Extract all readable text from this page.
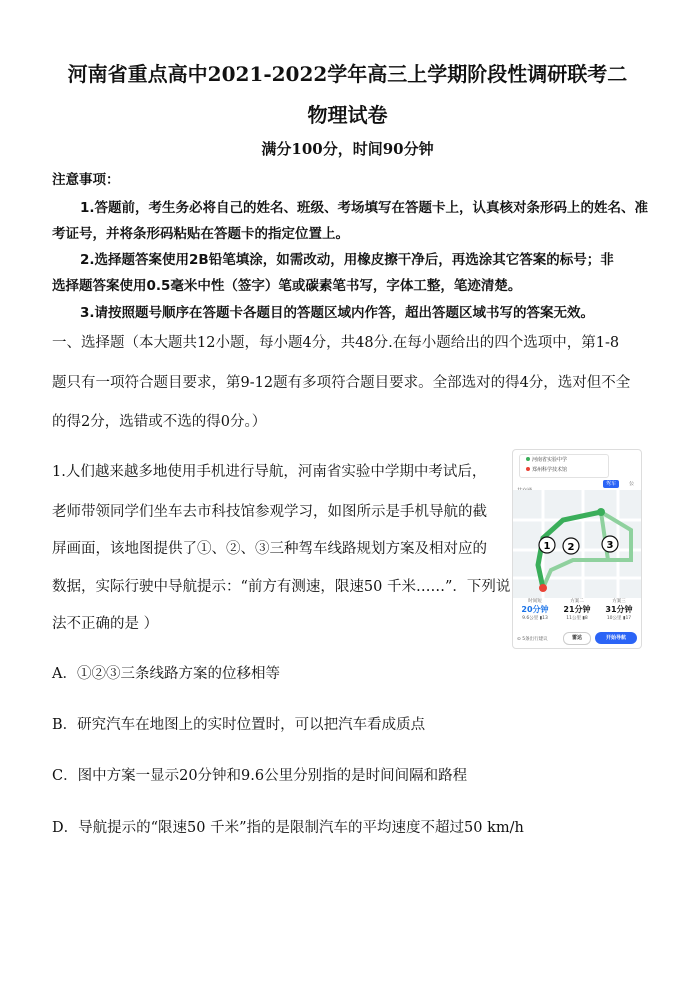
河南省重点高中2021-2022学年高三上学期阶段性调研联考二
物理试卷
满分100分，时间90分钟
注意事项：
1.答题前，考生务必将自己的姓名、班级、考场填写在答题卡上，认真核对条形码上的姓名、准
考证号，并将条形码粘贴在答题卡的指定位置上。
2.选择题答案使用2B铅笔填涂，如需改动，用橡皮擦干净后，再选涂其它答案的标号；非
选择题答案使用0.5毫米中性（签字）笔或碳素笔书写，字体工整，笔迹清楚。
3.请按照题号顺序在答题卡各题目的答题区域内作答，超出答题区域书写的答案无效。
一、选择题（本大题共12小题，每小题4分，共48分.在每小题给出的四个选项中，第1-8
题只有一项符合题目要求，第9-12题有多项符合题目要求。全部选对的得4分，选对但不全
的得2分，选错或不选的得0分。）
1.人们越来越多地使用手机进行导航，河南省实验中学期中考试后，
老师带领同学们坐车去市科技馆参观学习，如图所示是手机导航的截
屏画面，该地图提供了①、②、③三种驾车线路规划方案及相对应的
数据，实际行驶中导航提示：“前方有测速，限速50 千米……”．下列说
法不正确的是 ）
A．①②③三条线路方案的位移相等
B．研究汽车在地图上的实时位置时，可以把汽车看成质点
C．图中方案一显示20分钟和9.6公里分别指的是时间间隔和路程
D．导航提示的“限速50 千米”指的是限制汽车的平均速度不超过50 km/h
河南省实验中学
郑州科学技术馆
驾车	公
1 2	3
时间短
20分钟
9.6公里 ▮13
方案二
21分钟
11公里 ▮8
方案三
31分钟
10公里 ▮17
⊙ 5条出行建议	雷达	开始导航
